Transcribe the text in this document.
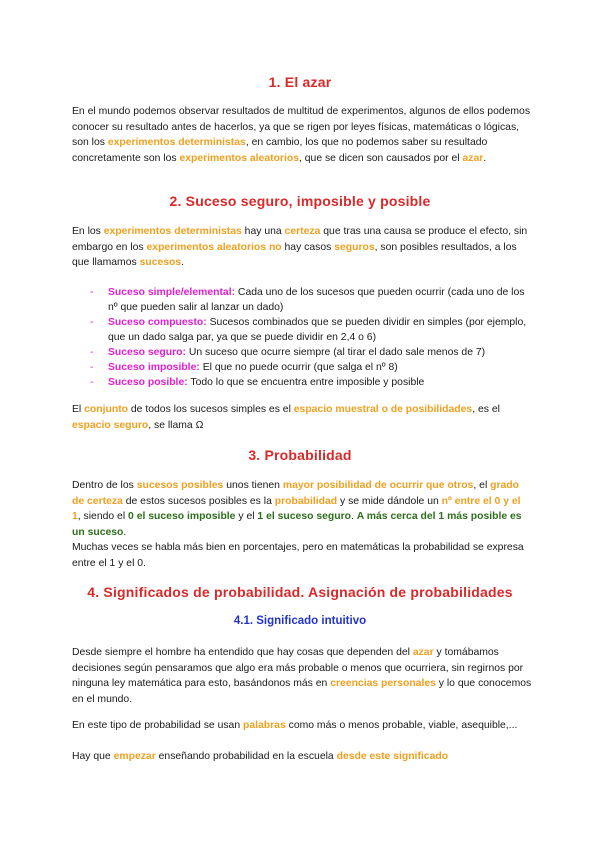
1. El azar

En el mundo podemos observar resultados de multitud de experimentos, algunos de ellos podemos conocer su resultado antes de hacerlos, ya que se rigen por leyes físicas, matemáticas o lógicas, son los experimentos deterministas, en cambio, los que no podemos saber su resultado concretamente son los experimentos aleatorios, que se dicen son causados por el azar.

2. Suceso seguro, imposible y posible

En los experimentos deterministas hay una certeza que tras una causa se produce el efecto, sin embargo en los experimentos aleatorios no hay casos seguros, son posibles resultados, a los que llamamos sucesos.

- Suceso simple/elemental: Cada uno de los sucesos que pueden ocurrir (cada uno de los nº que pueden salir al lanzar un dado)
- Suceso compuesto: Sucesos combinados que se pueden dividir en simples (por ejemplo, que un dado salga par, ya que se puede dividir en 2,4 o 6)
- Suceso seguro: Un suceso que ocurre siempre (al tirar el dado sale menos de 7)
- Suceso imposible: El que no puede ocurrir (que salga el nº 8)
- Suceso posible: Todo lo que se encuentra entre imposible y posible

El conjunto de todos los sucesos simples es el espacio muestral o de posibilidades, es el espacio seguro, se llama Ω

3. Probabilidad

Dentro de los sucesos posibles unos tienen mayor posibilidad de ocurrir que otros, el grado de certeza de estos sucesos posibles es la probabilidad y se mide dándole un nº entre el 0 y el 1, siendo el 0 el suceso imposible y el 1 el suceso seguro. A más cerca del 1 más posible es un suceso.

Muchas veces se habla más bien en porcentajes, pero en matemáticas la probabilidad se expresa entre el 1 y el 0.

4. Significados de probabilidad. Asignación de probabilidades
4.1. Significado intuitivo

Desde siempre el hombre ha entendido que hay cosas que dependen del azar y tomábamos decisiones según pensaramos que algo era más probable o menos que ocurriera, sin regirnos por ninguna ley matemática para esto, basándonos más en creencias personales y lo que conocemos en el mundo.

En este tipo de probabilidad se usan palabras como más o menos probable, viable, asequible,...

Hay que empezar enseñando probabilidad en la escuela desde este significado
